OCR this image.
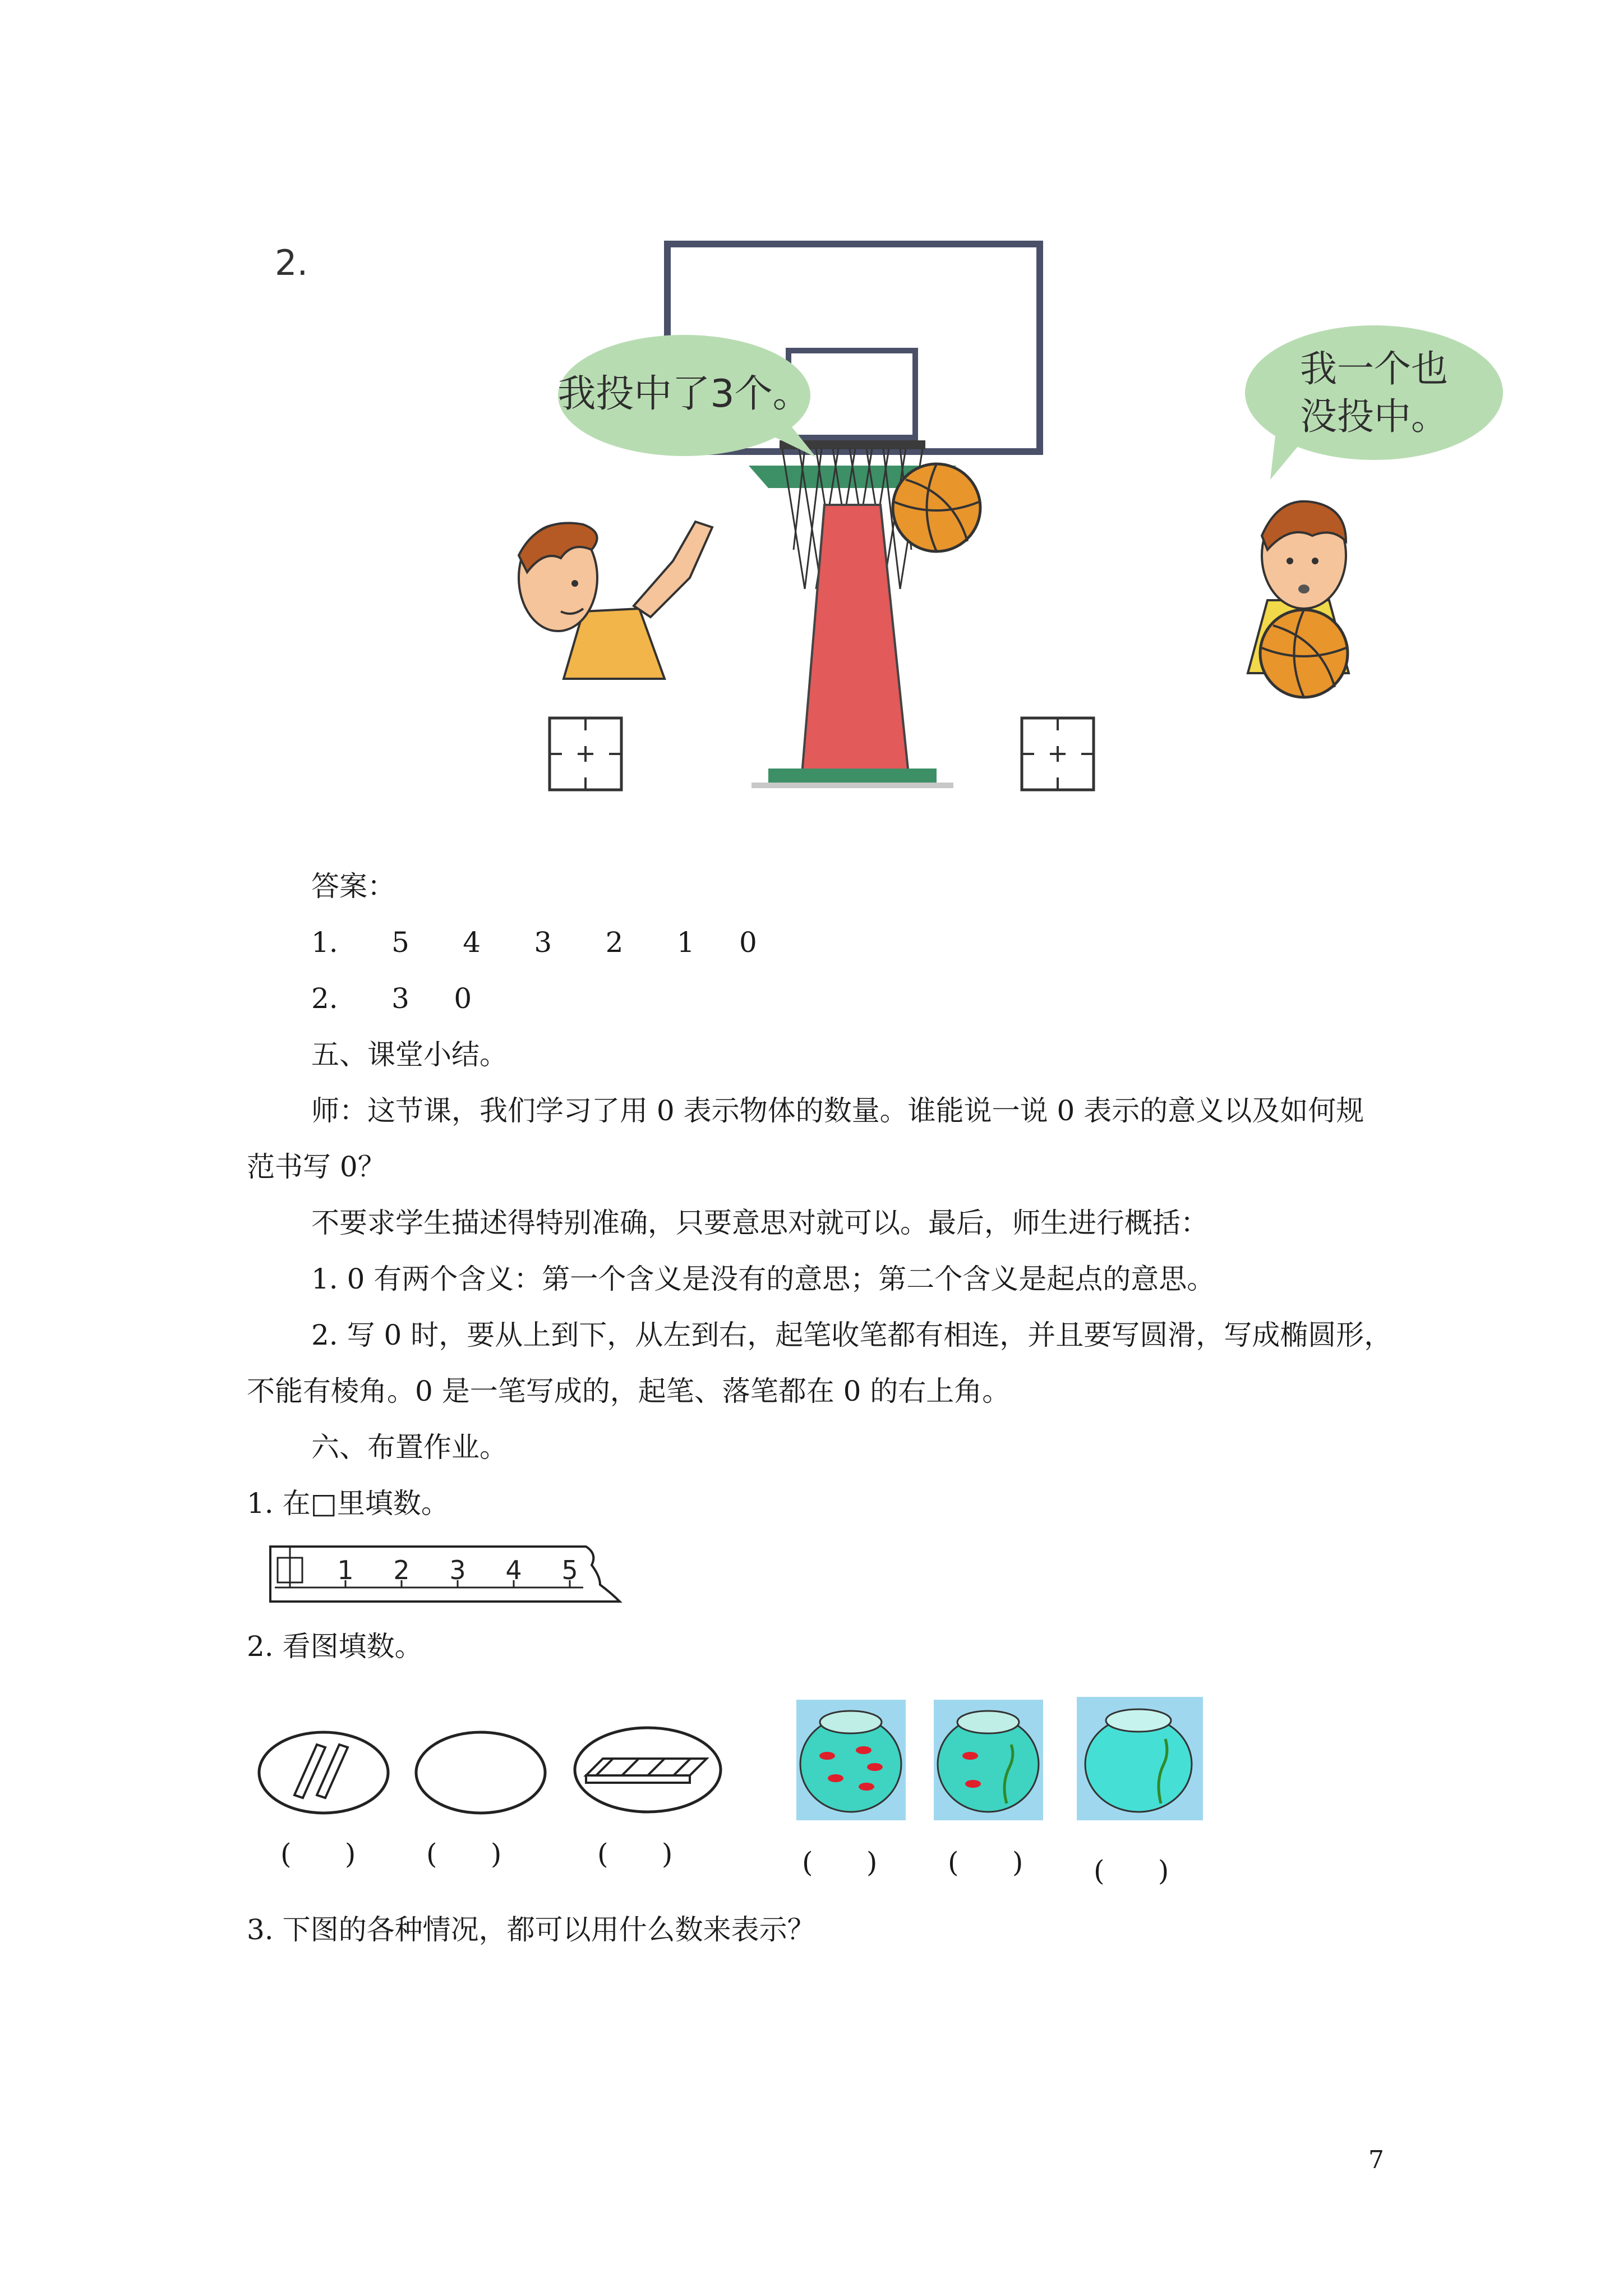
2.
我投中了3个。
我一个也
没投中。
答案：
1.      5      4      3      2      1     0
2.      3     0
五、课堂小结。
师：这节课，我们学习了用 0 表示物体的数量。谁能说一说 0 表示的意义以及如何规
范书写 0？
不要求学生描述得特别准确，只要意思对就可以。最后，师生进行概括：
1. 0 有两个含义：第一个含义是没有的意思；第二个含义是起点的意思。
2. 写 0 时，要从上到下，从左到右，起笔收笔都有相连，并且要写圆滑，写成椭圆形，
不能有棱角。0 是一笔写成的，起笔、落笔都在 0 的右上角。
六、布置作业。
1. 在□里填数。
1 2 3 4 5
2. 看图填数。
(      )	(      )	(      )	(      )	(      )	(      )
3. 下图的各种情况，都可以用什么数来表示？
7
